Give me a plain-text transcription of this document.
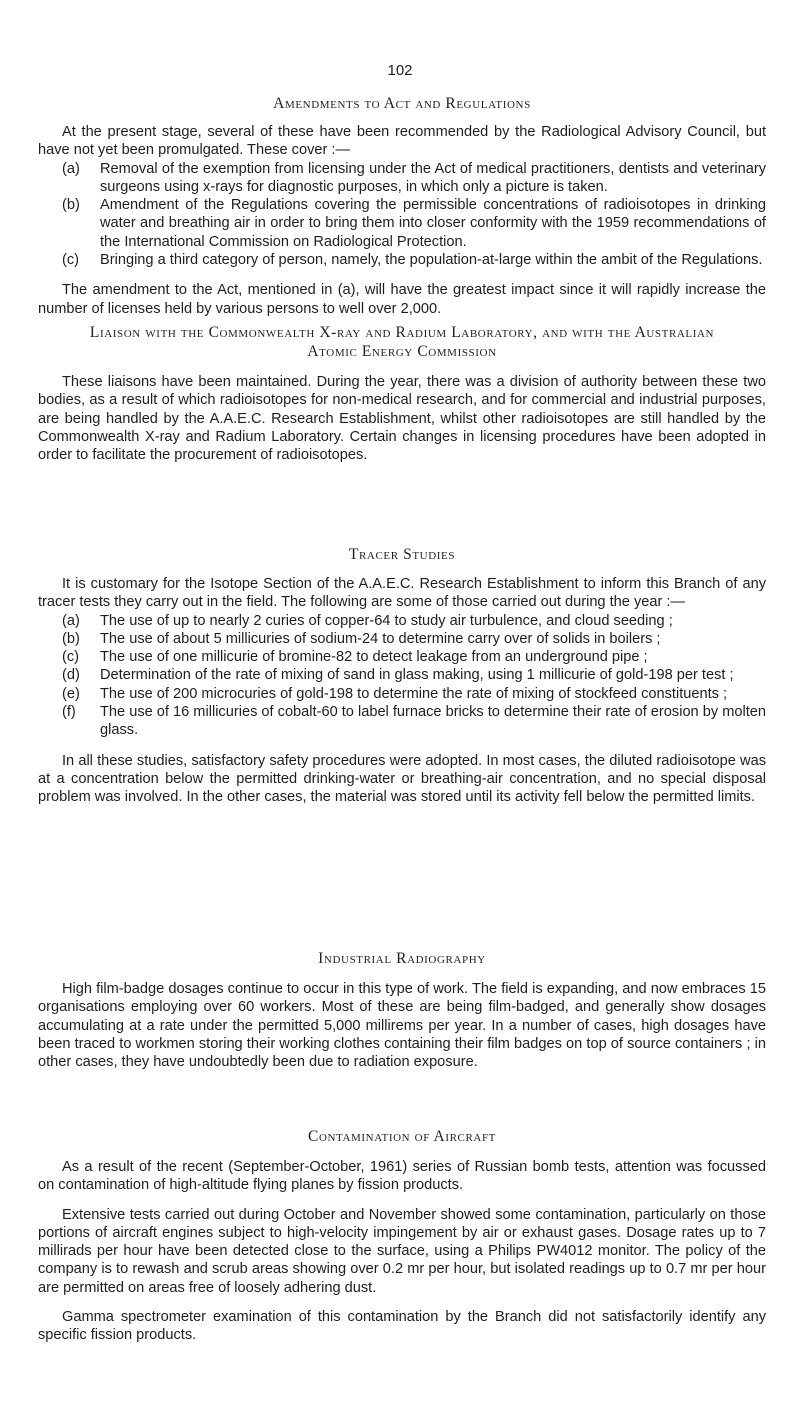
102
Amendments to Act and Regulations

At the present stage, several of these have been recommended by the Radiological Advisory Council, but have not yet been promulgated. These cover :—

(a) Removal of the exemption from licensing under the Act of medical practitioners, dentists and veterinary surgeons using x-rays for diagnostic purposes, in which only a picture is taken.
(b) Amendment of the Regulations covering the permissible concentrations of radioisotopes in drinking water and breathing air in order to bring them into closer conformity with the 1959 recommendations of the International Commission on Radiological Protection.
(c) Bringing a third category of person, namely, the population-at-large within the ambit of the Regulations.

The amendment to the Act, mentioned in (a), will have the greatest impact since it will rapidly increase the number of licenses held by various persons to well over 2,000.

Liaison with the Commonwealth X-ray and Radium Laboratory, and with the Australian
Atomic Energy Commission

These liaisons have been maintained. During the year, there was a division of authority between these two bodies, as a result of which radioisotopes for non-medical research, and for commercial and industrial purposes, are being handled by the A.A.E.C. Research Establishment, whilst other radioisotopes are still handled by the Commonwealth X-ray and Radium Laboratory. Certain changes in licensing procedures have been adopted in order to facilitate the procurement of radioisotopes.

Tracer Studies

It is customary for the Isotope Section of the A.A.E.C. Research Establishment to inform this Branch of any tracer tests they carry out in the field. The following are some of those carried out during the year :—

(a) The use of up to nearly 2 curies of copper-64 to study air turbulence, and cloud seeding ;
(b) The use of about 5 millicuries of sodium-24 to determine carry over of solids in boilers ;
(c) The use of one millicurie of bromine-82 to detect leakage from an underground pipe ;
(d) Determination of the rate of mixing of sand in glass making, using 1 millicurie of gold-198 per test ;
(e) The use of 200 microcuries of gold-198 to determine the rate of mixing of stockfeed constituents ;
(f) The use of 16 millicuries of cobalt-60 to label furnace bricks to determine their rate of erosion by molten glass.

In all these studies, satisfactory safety procedures were adopted. In most cases, the diluted radioisotope was at a concentration below the permitted drinking-water or breathing-air concentration, and no special disposal problem was involved. In the other cases, the material was stored until its activity fell below the permitted limits.

Industrial Radiography

High film-badge dosages continue to occur in this type of work. The field is expanding, and now embraces 15 organisations employing over 60 workers. Most of these are being film-badged, and generally show dosages accumulating at a rate under the permitted 5,000 millirems per year. In a number of cases, high dosages have been traced to workmen storing their working clothes containing their film badges on top of source containers ; in other cases, they have undoubtedly been due to radiation exposure.

Contamination of Aircraft

As a result of the recent (September-October, 1961) series of Russian bomb tests, attention was focussed on contamination of high-altitude flying planes by fission products.

Extensive tests carried out during October and November showed some contamination, particularly on those portions of aircraft engines subject to high-velocity impingement by air or exhaust gases. Dosage rates up to 7 millirads per hour have been detected close to the surface, using a Philips PW4012 monitor. The policy of the company is to rewash and scrub areas showing over 0.2 mr per hour, but isolated readings up to 0.7 mr per hour are permitted on areas free of loosely adhering dust.

Gamma spectrometer examination of this contamination by the Branch did not satisfactorily identify any specific fission products.
